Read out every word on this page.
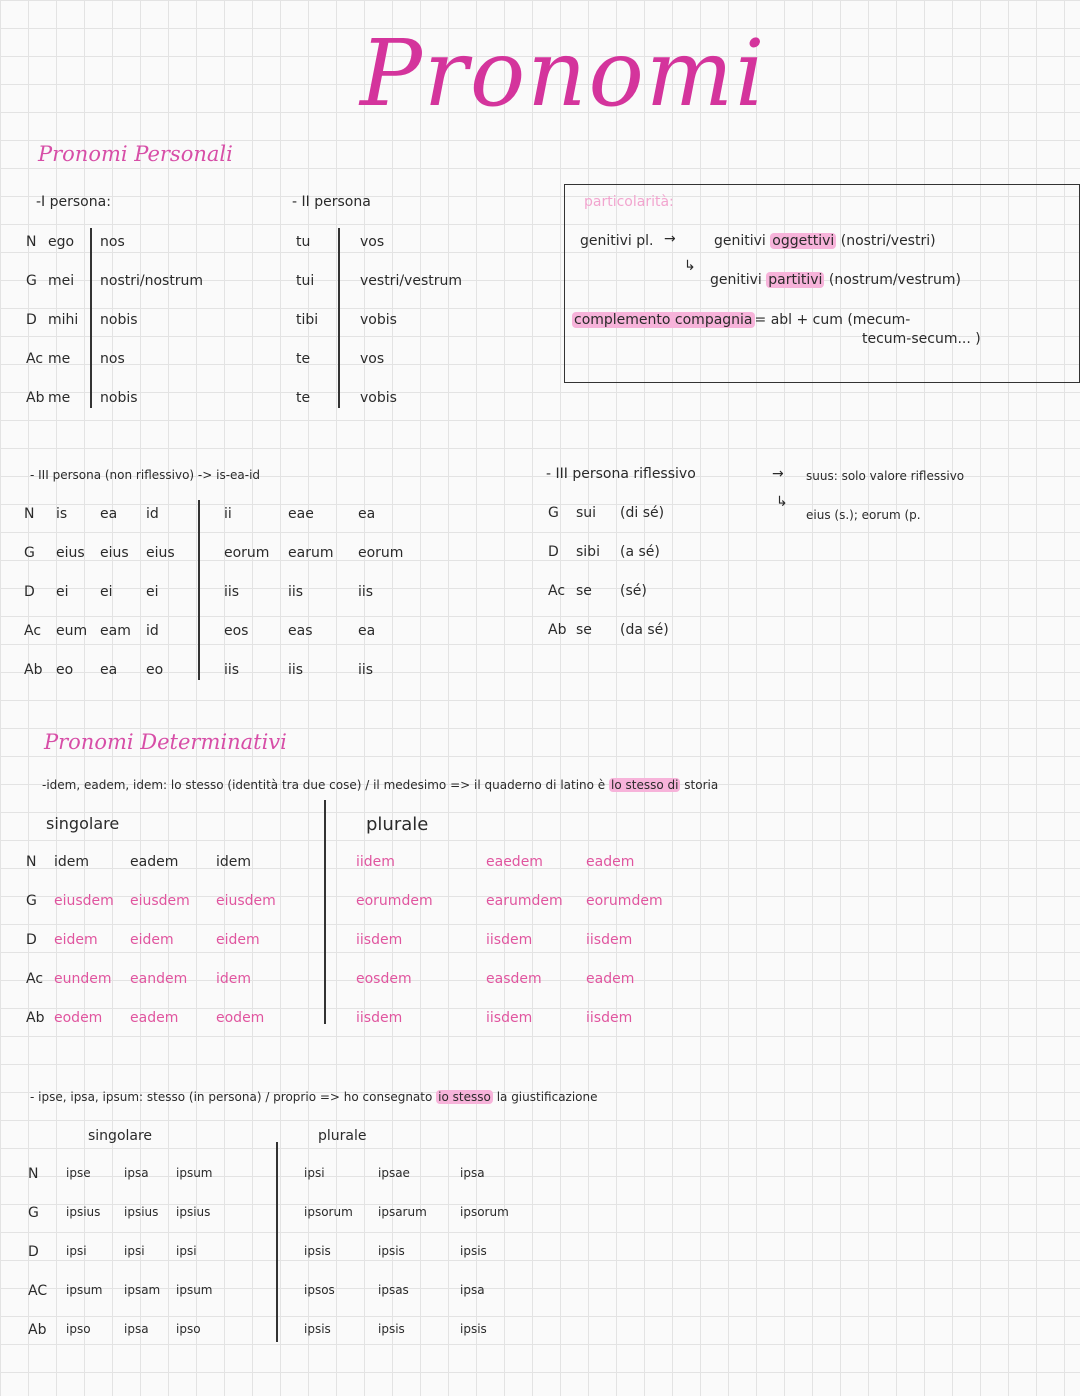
Pronomi
Pronomi Personali
-I persona:
N ego nos
G mei nostri/nostrum
D mihi nobis
Ac me nos
Ab me nobis
- II persona
tu	vos
tui	vestri/vestrum
tibi	vobis
te	vos
te	vobis
particolarità:
genitivi pl. →	genitivi oggettivi (nostri/vestri)
↳
genitivi partitivi (nostrum/vestrum)
complemento compagnia = abl + cum (mecum-
tecum-secum... )
- III persona (non riflessivo) -> is-ea-id
N is ea id	ii	eae	ea
G eius eius eius	eorum earum eorum
D ei ei ei	iis	iis	iis
Ac eum eam id	eos	eas	ea
Ab eo ea eo	iis	iis	iis
- III persona riflessivo	→ suus: solo valore riflessivo
↳
eius (s.); eorum (p.
G sui (di sé)
D sibi (a sé)
Ac se (sé)
Ab se (da sé)
Pronomi Determinativi
-idem, eadem, idem: lo stesso (identità tra due cose) / il medesimo => il quaderno di latino è lo stesso di storia
singolare	plurale
N idem	eadem	idem	iidem	eaedem	eadem
G eiusdem eiusdem eiusdem	eorumdem	earumdem eorumdem
D eidem eidem	eidem	iisdem	iisdem	iisdem
Ac eundem eandem idem	eosdem	easdem	eadem
Ab eodem eadem	eodem	iisdem	iisdem	iisdem
- ipse, ipsa, ipsum: stesso (in persona) / proprio => ho consegnato io stesso la giustificazione
singolare	plurale
N ipse	ipsa ipsum	ipsi	ipsae	ipsa
G ipsius ipsius ipsius	ipsorum ipsarum	ipsorum
D ipsi	ipsi	ipsi	ipsis	ipsis	ipsis
AC ipsum ipsam ipsum	ipsos	ipsas	ipsa
Ab ipso	ipsa ipso	ipsis	ipsis	ipsis
